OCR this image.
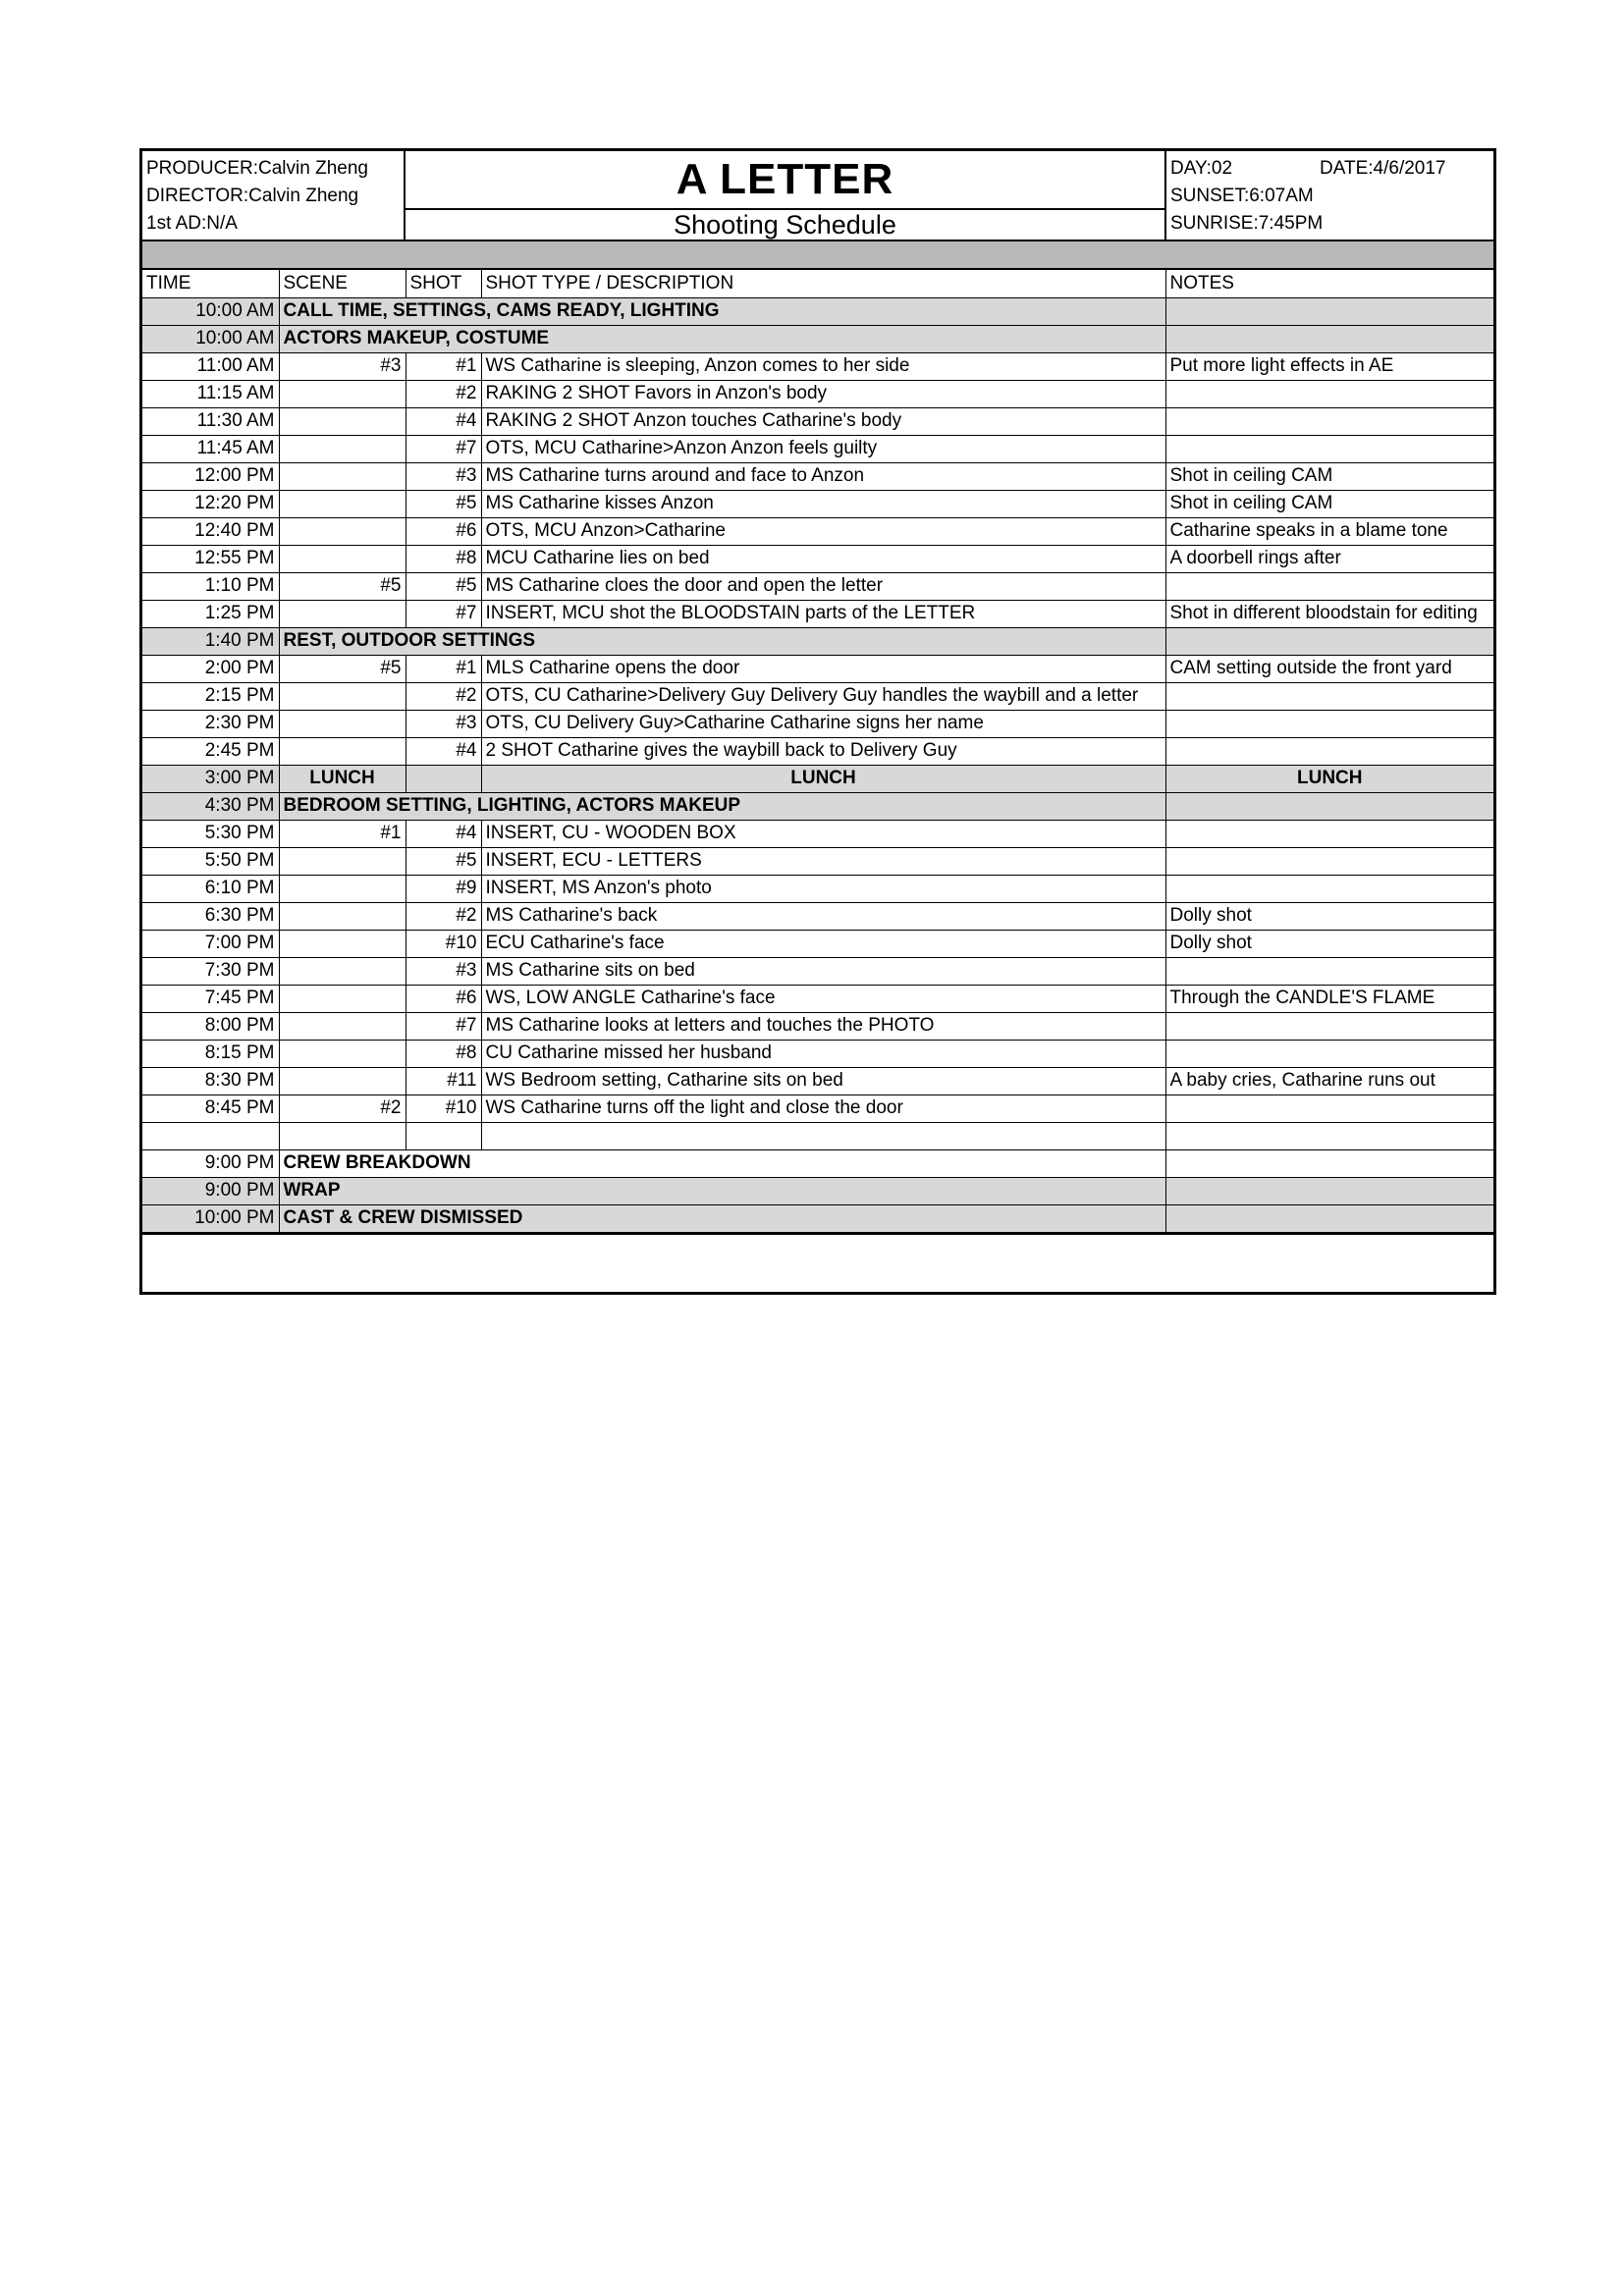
PRODUCER:Calvin Zheng
DIRECTOR:Calvin Zheng
1st AD:N/A
A LETTER
Shooting Schedule
DAY:02	DATE:4/6/2017
SUNSET:6:07AM
SUNRISE:7:45PM
TIME	SCENE	SHOT	SHOT TYPE / DESCRIPTION	NOTES
10:00 AM	CALL TIME, SETTINGS, CAMS READY, LIGHTING			
10:00 AM	ACTORS MAKEUP, COSTUME			
11:00 AM	#3	#1	WS Catharine is sleeping, Anzon comes to her side	Put more light effects in AE
11:15 AM		#2	RAKING 2 SHOT Favors in Anzon's body	
11:30 AM		#4	RAKING 2 SHOT Anzon touches Catharine's body	
11:45 AM		#7	OTS, MCU Catharine>Anzon Anzon feels guilty	
12:00 PM		#3	MS Catharine turns around and face to Anzon	Shot in ceiling CAM
12:20 PM		#5	MS Catharine kisses Anzon	Shot in ceiling CAM
12:40 PM		#6	OTS, MCU Anzon>Catharine	Catharine speaks in a blame tone
12:55 PM		#8	MCU Catharine lies on bed	A doorbell rings after
1:10 PM	#5	#5	MS Catharine cloes the door and open the letter	
1:25 PM		#7	INSERT, MCU shot the BLOODSTAIN parts of the LETTER	Shot in different bloodstain for editing
1:40 PM	REST, OUTDOOR SETTINGS			
2:00 PM	#5	#1	MLS Catharine opens the door	CAM setting outside the front yard
2:15 PM		#2	OTS, CU Catharine>Delivery Guy Delivery Guy handles the waybill and a letter	
2:30 PM		#3	OTS, CU Delivery Guy>Catharine Catharine signs her name	
2:45 PM		#4	2 SHOT Catharine gives the waybill back to Delivery Guy	
3:00 PM	LUNCH		LUNCH	LUNCH
4:30 PM	BEDROOM SETTING, LIGHTING, ACTORS MAKEUP			
5:30 PM	#1	#4	INSERT, CU - WOODEN BOX	
5:50 PM		#5	INSERT, ECU - LETTERS	
6:10 PM		#9	INSERT, MS Anzon's photo	
6:30 PM		#2	MS Catharine's back	Dolly shot
7:00 PM		#10	ECU Catharine's face	Dolly shot
7:30 PM		#3	MS Catharine sits on bed	
7:45 PM		#6	WS, LOW ANGLE Catharine's face	Through the CANDLE'S FLAME
8:00 PM		#7	MS Catharine looks at letters and touches the PHOTO	
8:15 PM		#8	CU Catharine missed her husband	
8:30 PM		#11	WS Bedroom setting, Catharine sits on bed	A baby cries, Catharine runs out
8:45 PM	#2	#10	WS Catharine turns off the light and close the door	

9:00 PM	CREW BREAKDOWN			
9:00 PM	WRAP			
10:00 PM	CAST & CREW DISMISSED			
